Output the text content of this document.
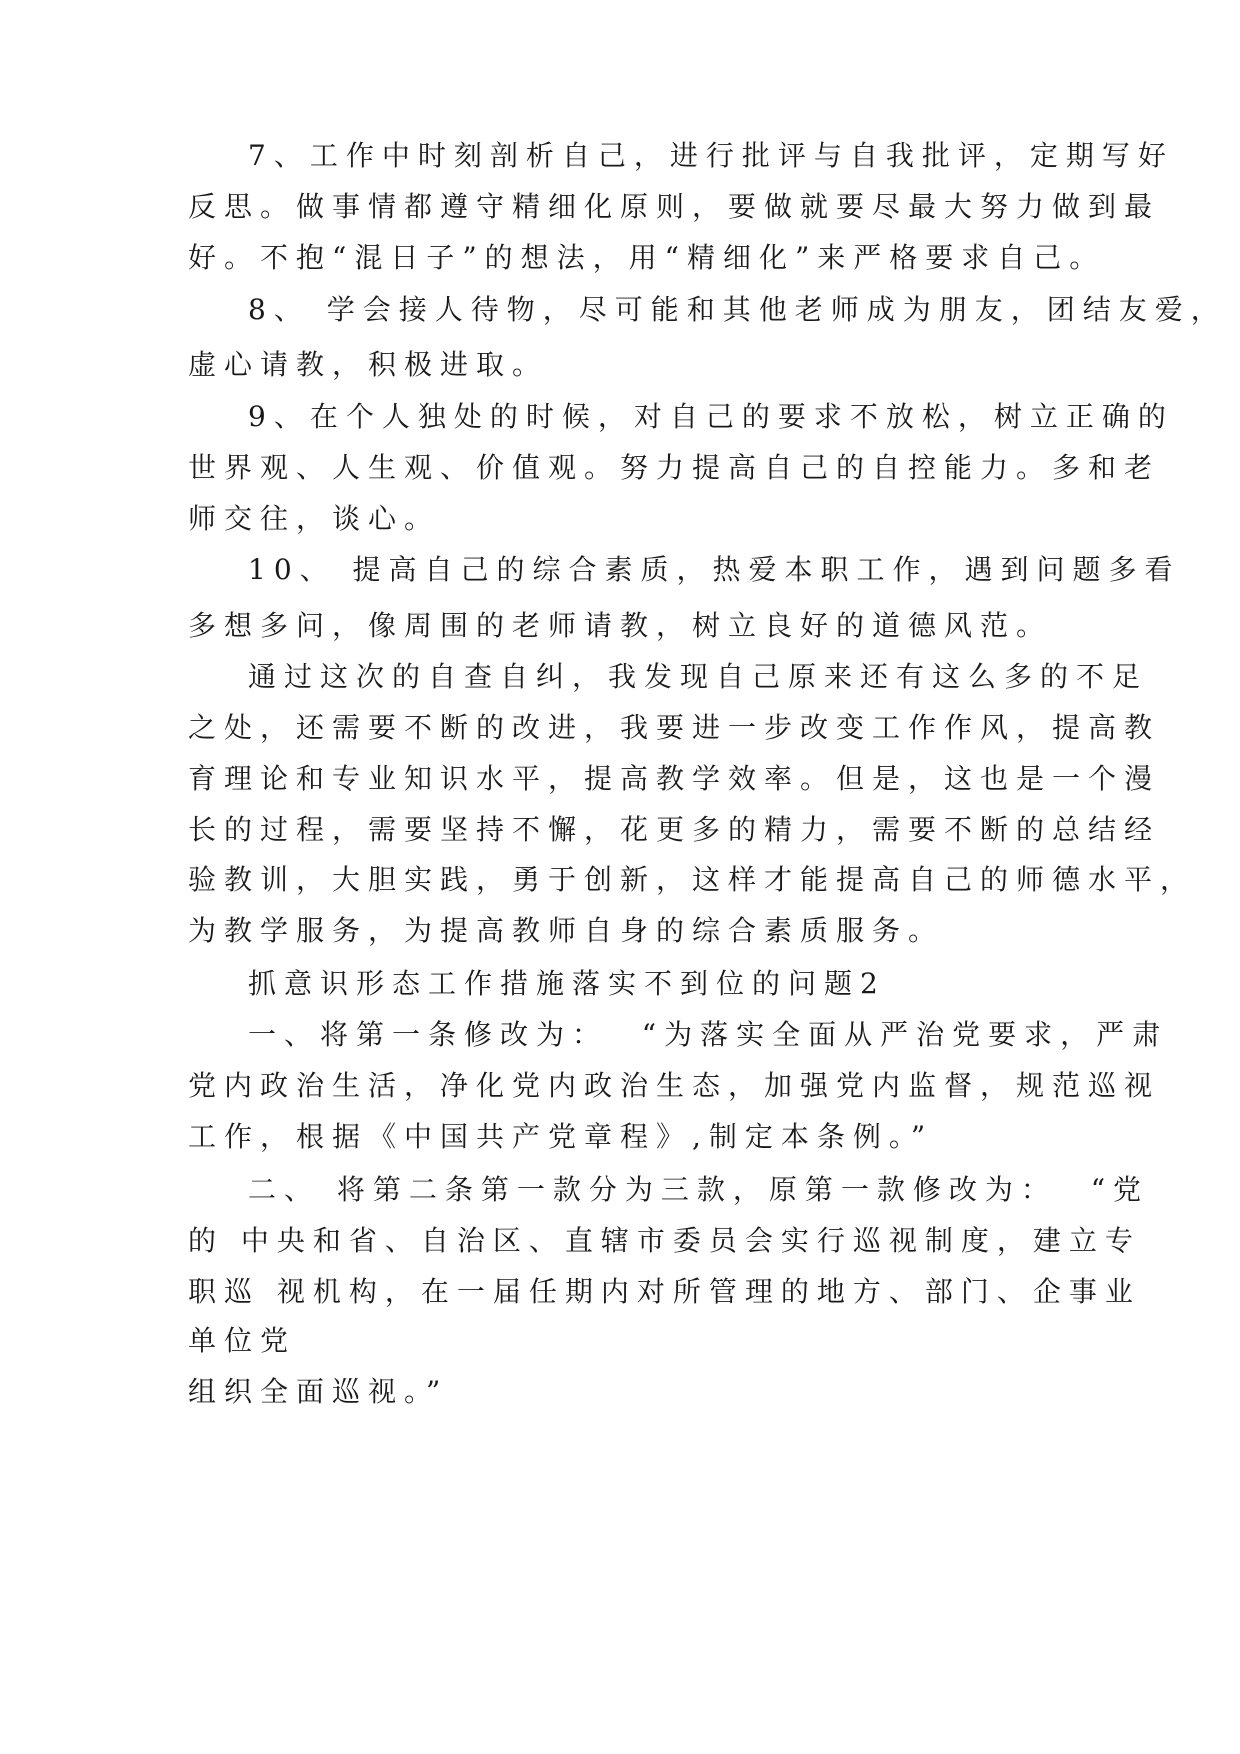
7、工作中时刻剖析自己，进行批评与自我批评，定期写好
反思。做事情都遵守精细化原则，要做就要尽最大努力做到最
好。不抱“混日子”的想法，用“精细化”来严格要求自己。
8、 学会接人待物，尽可能和其他老师成为朋友，团结友爱，
虚心请教，积极进取。
9、在个人独处的时候，对自己的要求不放松，树立正确的
世界观、人生观、价值观。努力提高自己的自控能力。多和老
师交往，谈心。
10、 提高自己的综合素质，热爱本职工作，遇到问题多看
多想多问，像周围的老师请教，树立良好的道德风范。
通过这次的自查自纠，我发现自己原来还有这么多的不足
之处，还需要不断的改进，我要进一步改变工作作风，提高教
育理论和专业知识水平，提高教学效率。但是，这也是一个漫
长的过程，需要坚持不懈，花更多的精力，需要不断的总结经
验教训，大胆实践，勇于创新，这样才能提高自己的师德水平，
为教学服务，为提高教师自身的综合素质服务。
抓意识形态工作措施落实不到位的问题2
一、将第一条修改为：  “为落实全面从严治党要求，严肃
党内政治生活，净化党内政治生态，加强党内监督，规范巡视
工作，根据《中国共产党章程》,制定本条例。”
二、 将第二条第一款分为三款，原第一款修改为：  “党
的 中央和省、自治区、直辖市委员会实行巡视制度，建立专
职巡 视机构，在一届任期内对所管理的地方、部门、企事业
单位党
组织全面巡视。”
